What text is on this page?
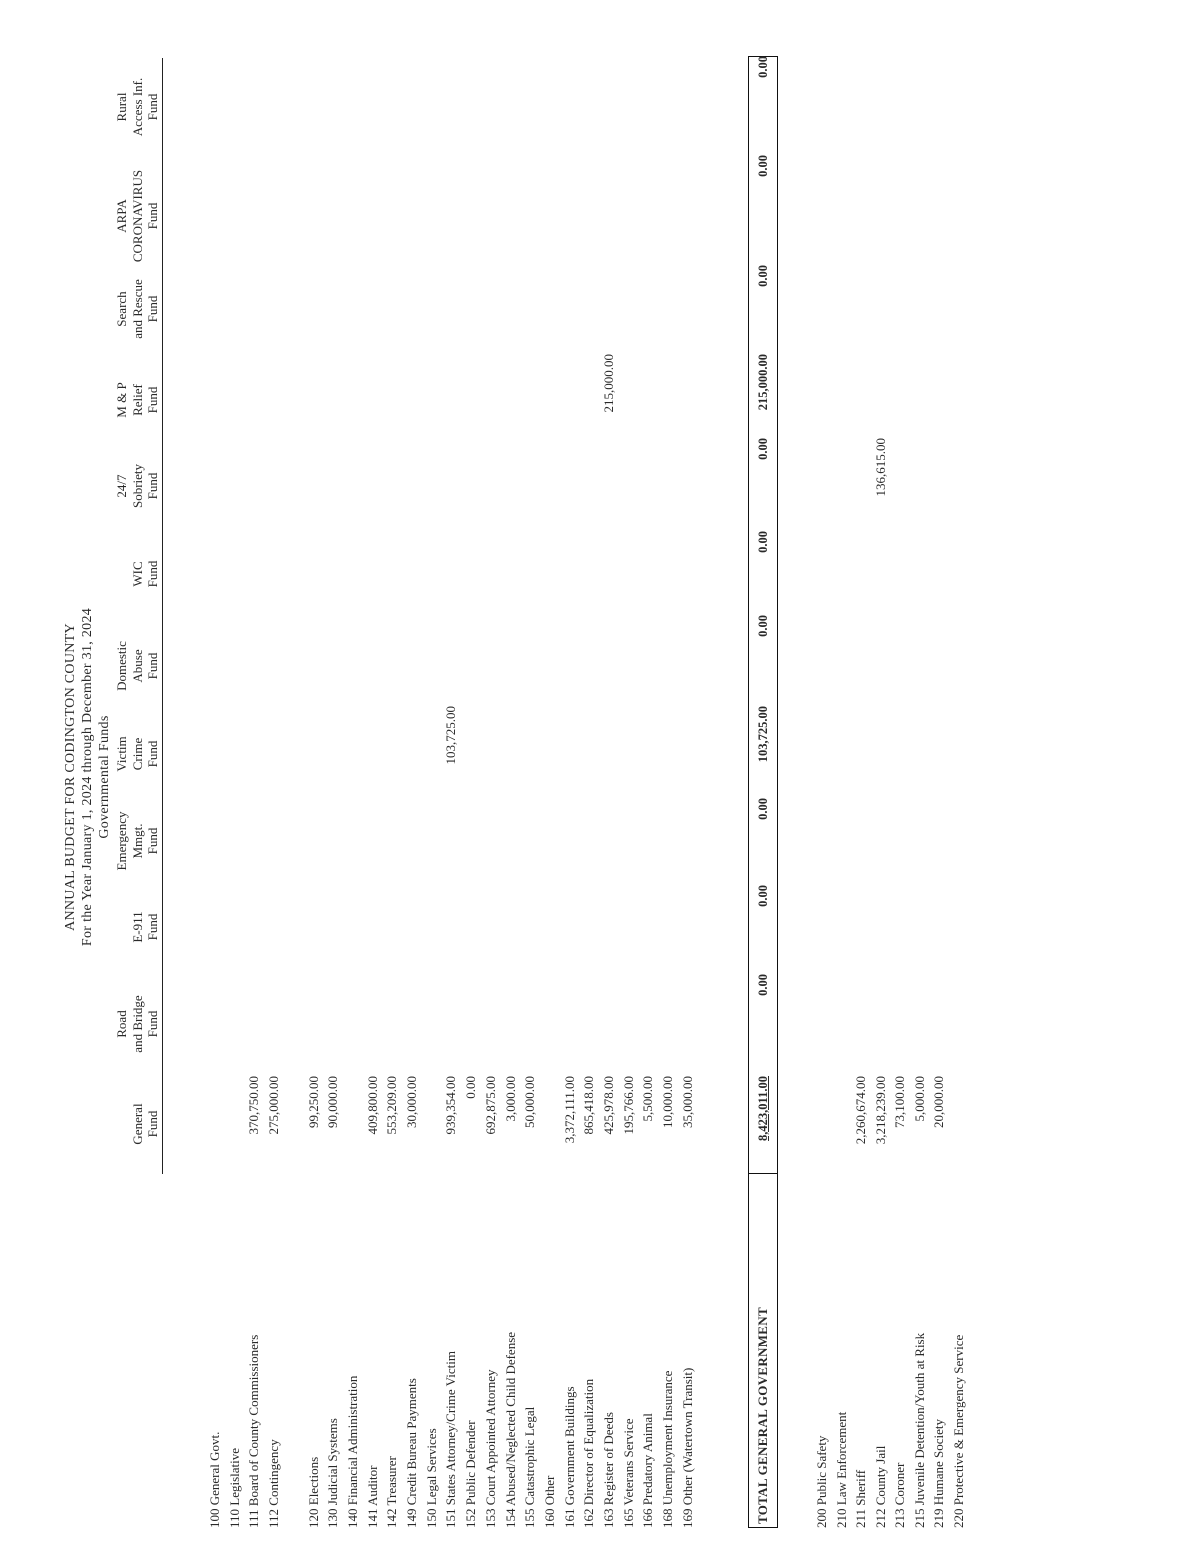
ANNUAL BUDGET FOR CODINGTON COUNTY For the Year January 1, 2024 through December 31, 2024 Governmental Funds

General Fund
Road and Bridge Fund

E-911 Fund
Emergency Mmgt. Fund
Victim Crime Fund
Domestic Abuse Fund

WIC Fund
24/7 Sobriety Fund
M & P Relief Fund
Search and Rescue Fund
ARPA CORONAVIRUS Fund
Rural Access Inf. Fund
100 General Govt. 110 Legislative 111 Board of County Commissioners
370,750.00
112 Contingency
275,000.00
120 Elections
99,250.00
130 Judicial Systems
90,000.00
140 Financial Administration 141 Auditor
409,800.00
142 Treasurer
553,209.00
149 Credit Bureau Payments
30,000.00
150 Legal Services 151 States Attorney/Crime Victim
939,354.00
103,725.00
152 Public Defender
0.00
153 Court Appointed Attorney
692,875.00
154 Abused/Neglected Child Defense
3,000.00
155 Catastrophic Legal
50,000.00
160 Other 161 Government Buildings
3,372,111.00
162 Director of Equalization
865,418.00
163 Register of Deeds
425,978.00
215,000.00
165 Veterans Service
195,766.00
166 Predatory Animal
5,500.00
168 Unemployment Insurance
10,000.00
169 Other (Watertown Transit)
35,000.00
TOTAL GENERAL GOVERNMENT
8,423,011.00
0.00
0.00
0.00
103,725.00
0.00
0.00
0.00
215,000.00
0.00
0.00
0.00
200 Public Safety 210 Law Enforcement 211 Sheriff
2,260,674.00
212 County Jail
3,218,239.00
136,615.00
213 Coroner
73,100.00
215 Juvenile Detention/Youth at Risk
5,000.00
219 Humane Society
20,000.00
220 Protective & Emergency Service
